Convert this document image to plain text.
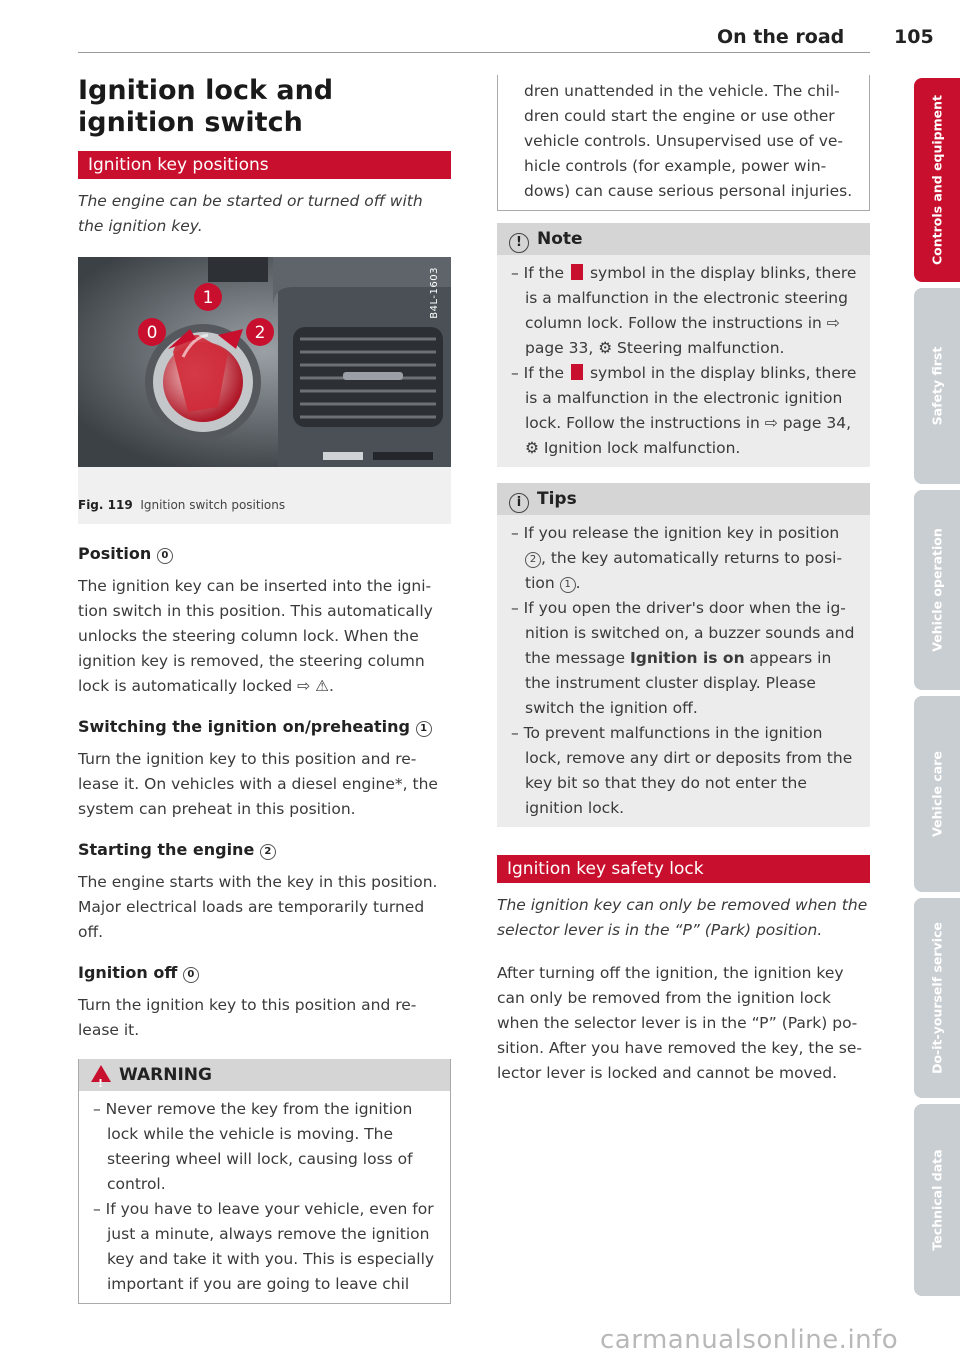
On the road	105
Ignition lock and ignition switch
Ignition key positions
The engine can be started or turned off with the ignition key.
0
1
2
B4L-1603
Fig. 119 Ignition switch positions
Position 0

The ignition key can be inserted into the ignition switch in this position. This automatically unlocks the steering column lock. When the ignition key is removed, the steering column lock is automatically locked ⇨ ⚠.

Switching the ignition on/preheating 1

Turn the ignition key to this position and release it. On vehicles with a diesel engine*, the system can preheat in this position.

Starting the engine 2

The engine starts with the key in this position. Major electrical loads are temporarily turned off.

Ignition off 0

Turn the ignition key to this position and release it.

!WARNING
– Never remove the key from the ignition lock while the vehicle is moving. The steering wheel will lock, causing loss of control.
– If you have to leave your vehicle, even for just a minute, always remove the ignition key and take it with you. This is especially important if you are going to leave chil
dren unattended in the vehicle. The children could start the engine or use other vehicle controls. Unsupervised use of vehicle controls (for example, power windows) can cause serious personal injuries.
! Note
– If the symbol in the display blinks, there is a malfunction in the electronic steering column lock. Follow the instructions in ⇨ page 33, ⚙ Steering malfunction.
– If the symbol in the display blinks, there is a malfunction in the electronic ignition lock. Follow the instructions in ⇨ page 34, ⚙ Ignition lock malfunction.
i Tips
– If you release the ignition key in position 2 , the key automatically returns to position 1 .
– If you open the driver's door when the ignition is switched on, a buzzer sounds and the message Ignition is on appears in the instrument cluster display. Please switch the ignition off.
– To prevent malfunctions in the ignition lock, remove any dirt or deposits from the key bit so that they do not enter the ignition lock.
Ignition key safety lock
The ignition key can only be removed when the selector lever is in the “P” (Park) position.

After turning off the ignition, the ignition key can only be removed from the ignition lock when the selector lever is in the “P” (Park) position. After you have removed the key, the selector lever is locked and cannot be moved.

Controls and equipment
Safety first
Vehicle operation
Vehicle care
Do-it-yourself service
Technical data
carmanualsonline.info
